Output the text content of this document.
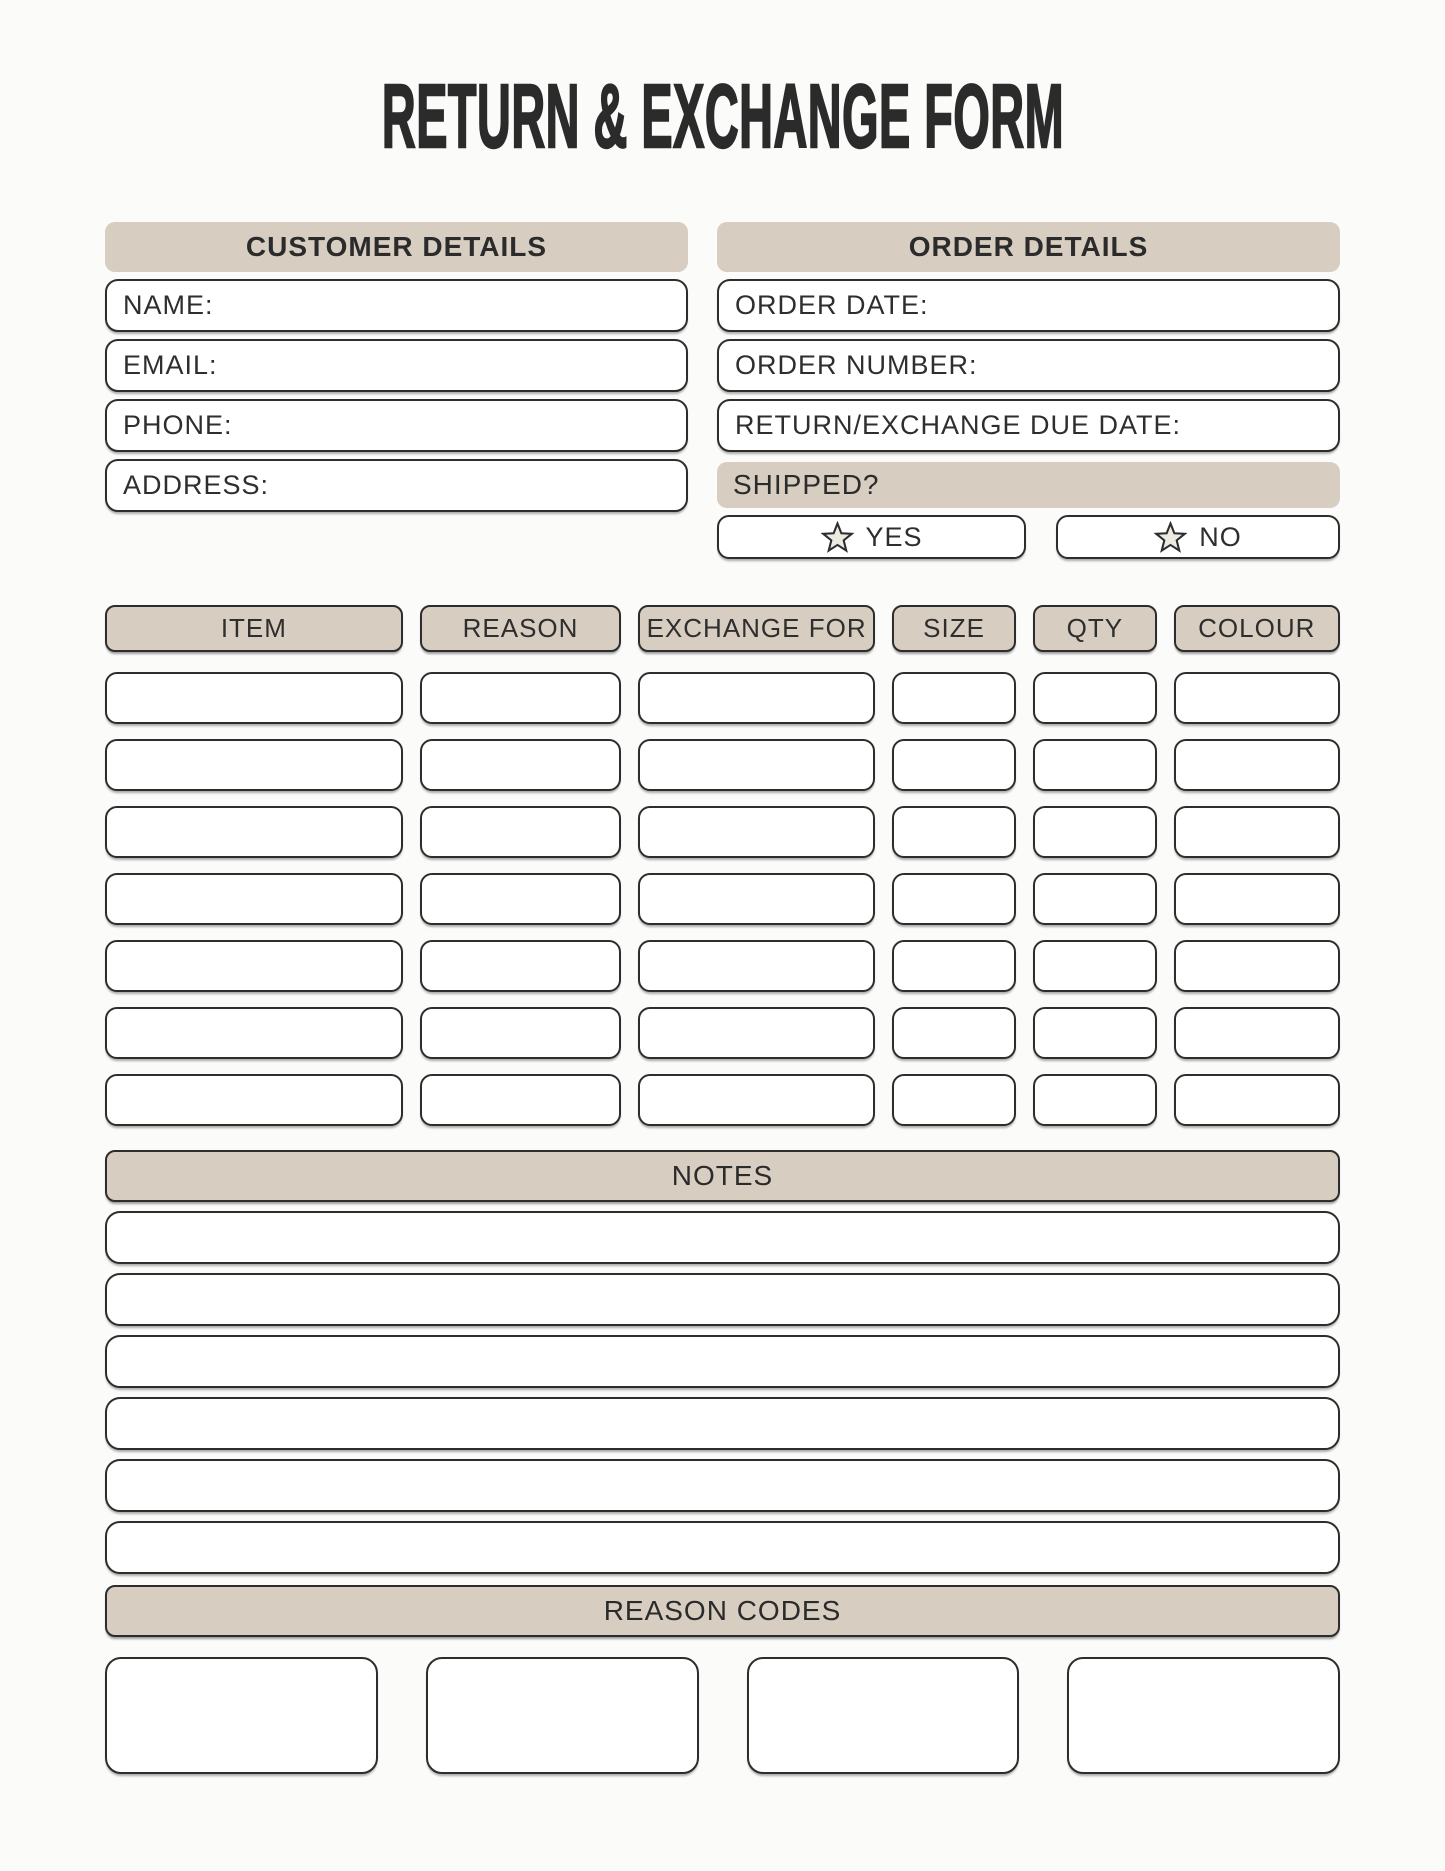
RETURN & EXCHANGE FORM
CUSTOMER DETAILS
NAME:
EMAIL:
PHONE:
ADDRESS:
ORDER DETAILS
ORDER DATE:
ORDER NUMBER:
RETURN/EXCHANGE DUE DATE:
SHIPPED?
YES	NO
ITEM	REASON	EXCHANGE FOR	SIZE	QTY	COLOUR
NOTES
REASON CODES
